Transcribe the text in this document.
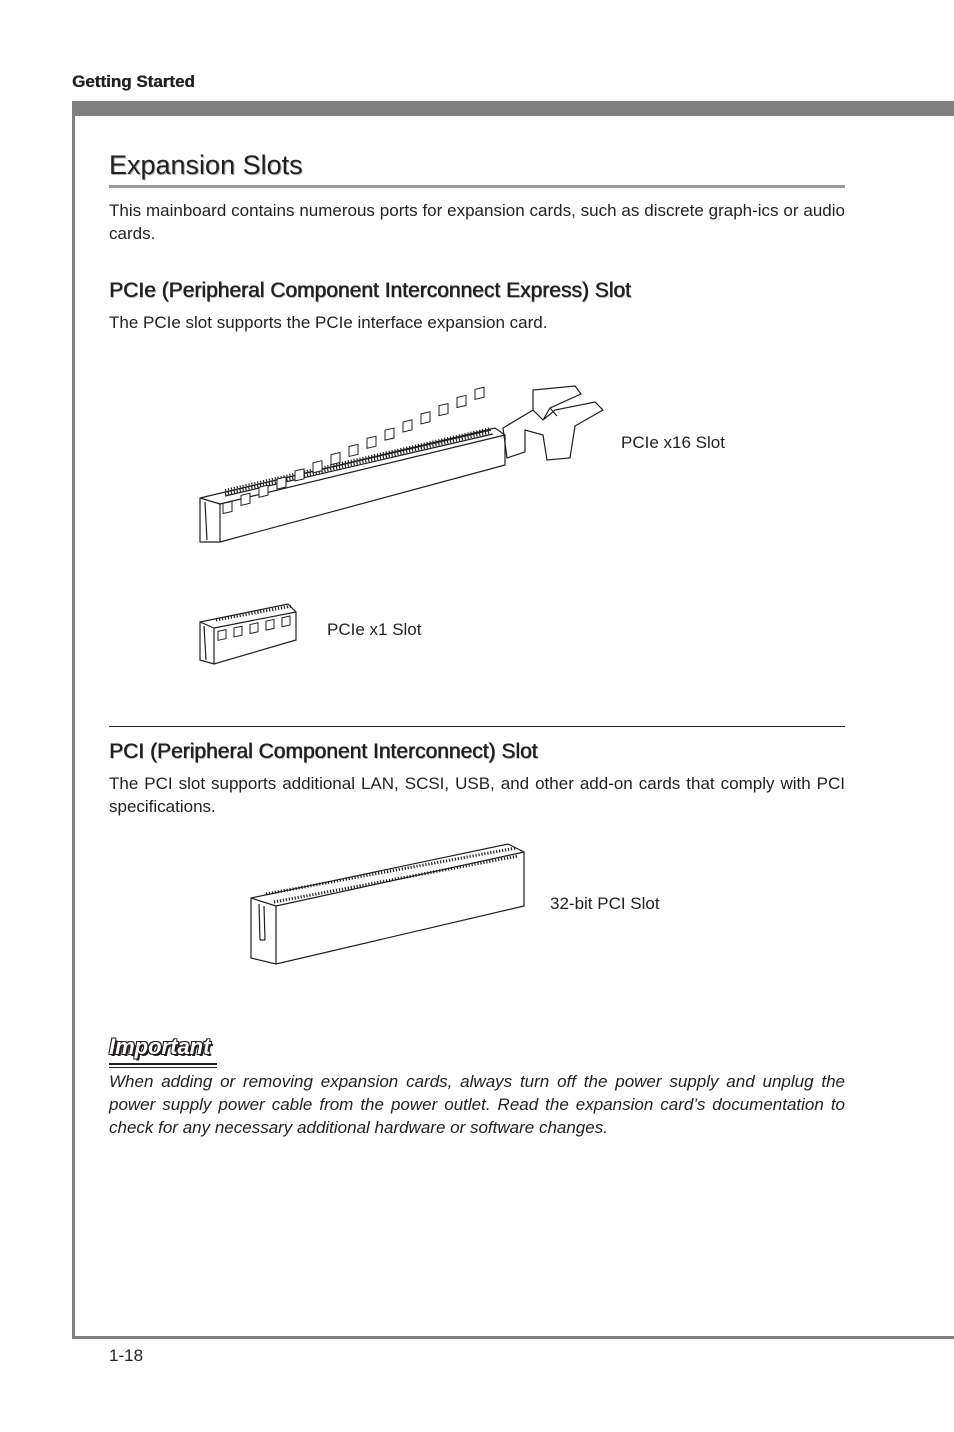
Getting Started
Expansion Slots

This mainboard contains numerous ports for expansion cards, such as discrete graph-ics or audio cards.

PCIe (Peripheral Component Interconnect Express) Slot

The PCIe slot supports the PCIe interface expansion card.

PCIe x16 Slot
PCIe x1 Slot
PCI (Peripheral Component Interconnect) Slot

The PCI slot supports additional LAN, SCSI, USB, and other add-on cards that comply with PCI specifications.

32-bit PCI Slot
Important

When adding or removing expansion cards, always turn off the power supply and unplug the power supply power cable from the power outlet. Read the expansion card’s documentation to check for any necessary additional hardware or software changes.

1-18
